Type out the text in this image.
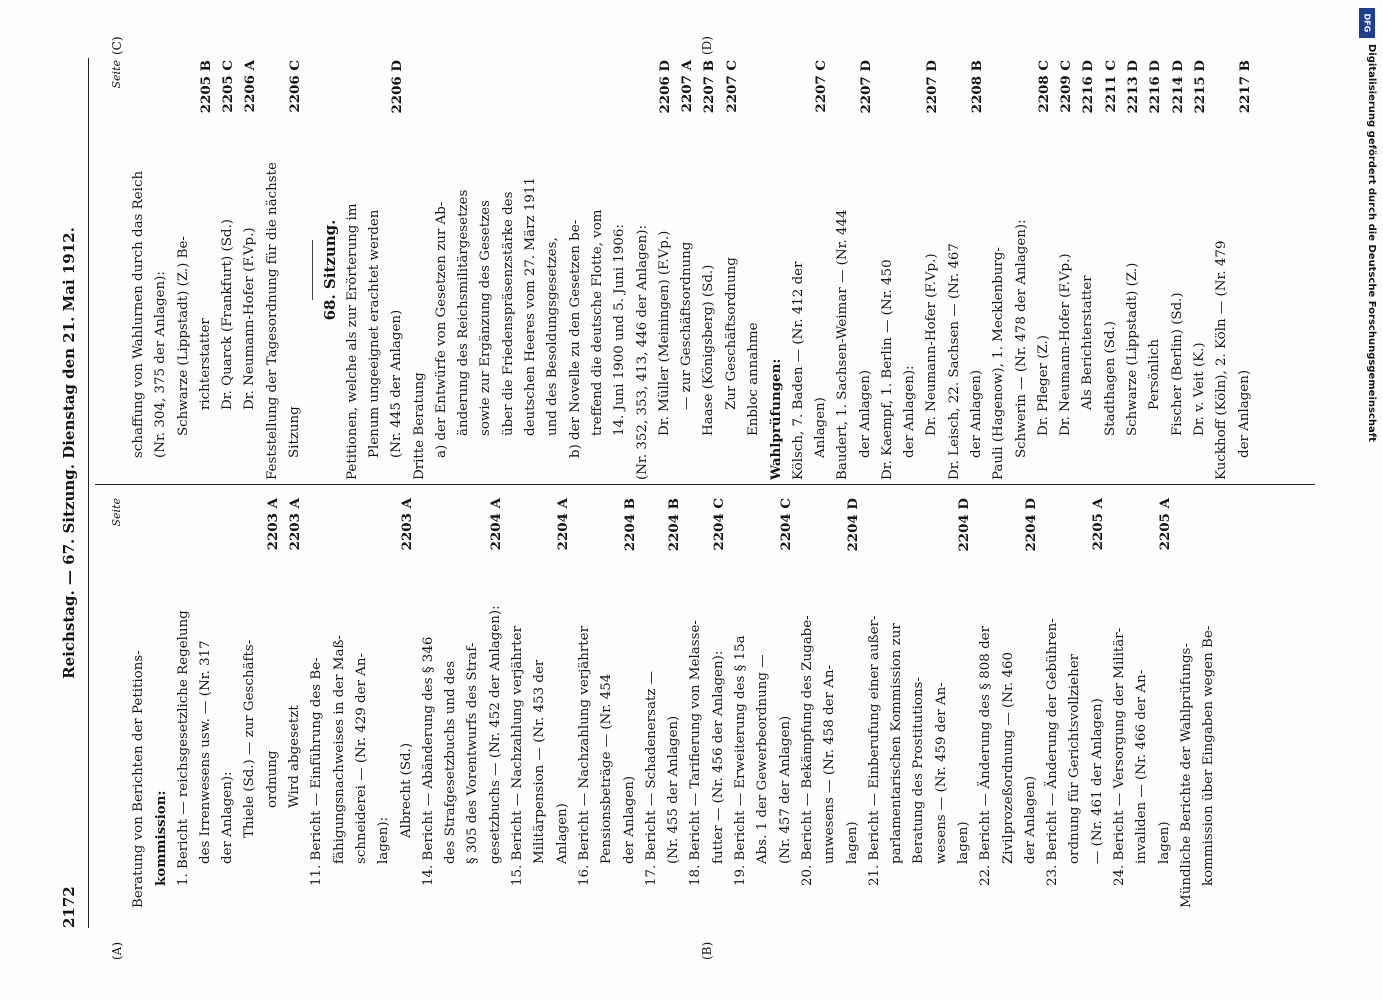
2172
Reichstag. — 67. Sitzung. Dienstag den 21. Mai 1912.
(A)	(B)
(C)	(D)
Seite
Beratung von Berichten der Petitions- kommission: 1. Bericht — reichsgesetzliche Regelung des Irrenwesens usw. — (Nr. 317 der Anlagen): Thiele (Sd.) — zur Geschäfts- ordnung
2203 A
Wird abgesetzt
2203 A
11. Bericht — Einführung des Be- fähigungsnachweises in der Maß- schneiderei — (Nr. 429 der An- lagen):
Albrecht (Sd.)
2203 A
14. Bericht — Abänderung des § 346 des Strafgesetzbuchs und des § 305 des Vorentwurfs des Straf- gesetzbuchs — (Nr. 452 der Anlagen):
2204 A
15. Bericht — Nachzahlung verjährter Militärpension — (Nr. 453 der Anlagen)
2204 A
16. Bericht — Nachzahlung verjährter Pensionsbeträge — (Nr. 454 der Anlagen)
2204 B
17. Bericht — Schadenersatz — (Nr. 455 der Anlagen)
2204 B
18. Bericht — Tarifierung von Melasse- futter — (Nr. 456 der Anlagen):
2204 C
19. Bericht — Erweiterung des § 15a Abs. 1 der Gewerbeordnung — (Nr. 457 der Anlagen)
2204 C
20. Bericht — Bekämpfung des Zugabe- unwesens — (Nr. 458 der An- lagen)
2204 D
21. Bericht — Einberufung einer außer- parlamentarischen Kommission zur Beratung des Prostitutions- wesens — (Nr. 459 der An- lagen)
2204 D
22. Bericht — Änderung des § 808 der Zivilprozeßordnung — (Nr. 460 der Anlagen)
2204 D
23. Bericht — Änderung der Gebühren- ordnung für Gerichtsvollzieher — (Nr. 461 der Anlagen)
2205 A
24. Bericht — Versorgung der Militär- invaliden — (Nr. 466 der An- lagen)
2205 A
Mündliche Berichte der Wahlprüfungs- kommission über Eingaben wegen Be-
Seite
schaffung von Wahlurnen durch das Reich (Nr. 304, 375 der Anlagen): Schwarze (Lippstadt) (Z.) Be- richterstatter
2205 B
Dr. Quarck (Frankfurt) (Sd.)
2205 C
Dr. Neumann-Hofer (F.Vp.)
2206 A
Feststellung der Tagesordnung für die nächste Sitzung
2206 C
68. Sitzung. Petitionen, welche als zur Erörterung im Plenum ungeeignet erachtet werden (Nr. 445 der Anlagen)
2206 D
Dritte Beratung a) der Entwürfe von Gesetzen zur Ab- änderung des Reichsmilitärgesetzes sowie zur Ergänzung des Gesetzes über die Friedenspräsenzstärke des deutschen Heeres vom 27. März 1911 und des Besoldungsgesetzes, b) der Novelle zu den Gesetzen be- treffend die deutsche Flotte, vom 14. Juni 1900 und 5. Juni 1906: (Nr. 352, 353, 413, 446 der Anlagen): Dr. Müller (Meiningen) (F.Vp.)
2206 D
— zur Geschäftsordnung
2207 A
Haase (Königsberg) (Sd.)
2207 B
Zur Geschäftsordnung
2207 C
Enbloc annahme Wahlprüfungen: Kölsch, 7. Baden — (Nr. 412 der Anlagen)
2207 C
Baudert, 1. Sachsen-Weimar — (Nr. 444 der Anlagen)
2207 D
Dr. Kaempf, 1. Berlin — (Nr. 450 der Anlagen): Dr. Neumann-Hofer (F.Vp.)
2207 D
Dr. Leisch, 22. Sachsen — (Nr. 467 der Anlagen)
2208 B
Pauli (Hagenow), 1. Mecklenburg- Schwerin — (Nr. 478 der Anlagen): Dr. Pfleger (Z.)
2208 C
Dr. Neumann-Hofer (F.Vp.)
2209 C
Als Berichterstatter
2216 D
Stadthagen (Sd.)
2211 C
Schwarze (Lippstadt) (Z.)
2213 D
Persönlich
2216 D
Fischer (Berlin) (Sd.)
2214 D
Dr. v. Veit (K.)
2215 D
Kuckhoff (Köln), 2. Köln — (Nr. 479 der Anlagen)
2217 B
DFG
Digitalisierung gefördert durch die Deutsche Forschungsgemeinschaft
